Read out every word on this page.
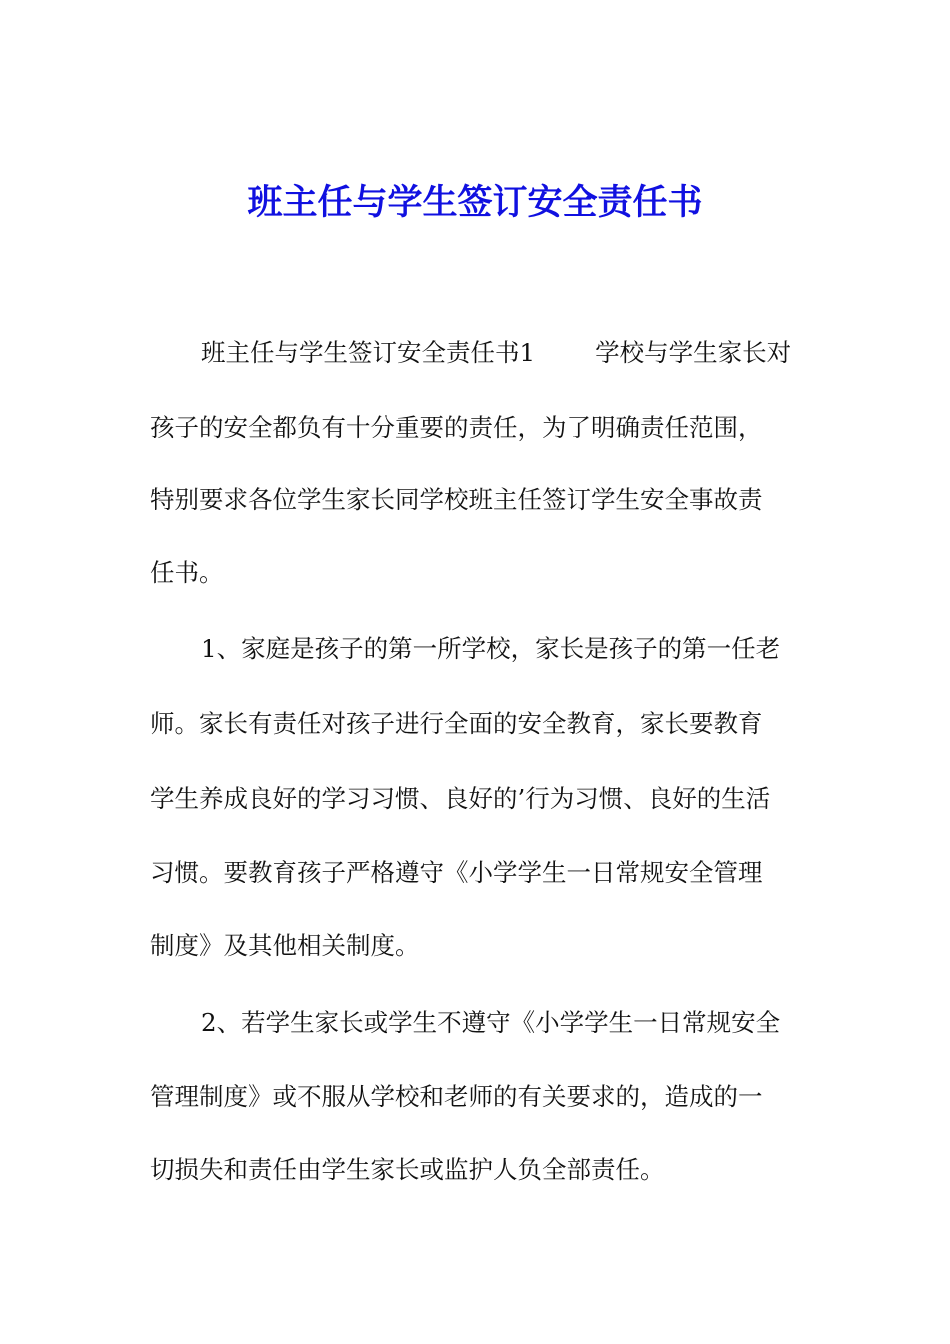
班主任与学生签订安全责任书
班主任与学生签订安全责任书1 学校与学生家长对
孩子的安全都负有十分重要的责任，为了明确责任范围，
特别要求各位学生家长同学校班主任签订学生安全事故责
任书。
1、家庭是孩子的第一所学校，家长是孩子的第一任老
师。家长有责任对孩子进行全面的安全教育，家长要教育
学生养成良好的学习习惯、良好的’行为习惯、良好的生活
习惯。要教育孩子严格遵守《小学学生一日常规安全管理
制度》及其他相关制度。
2、若学生家长或学生不遵守《小学学生一日常规安全
管理制度》或不服从学校和老师的有关要求的，造成的一
切损失和责任由学生家长或监护人负全部责任。
